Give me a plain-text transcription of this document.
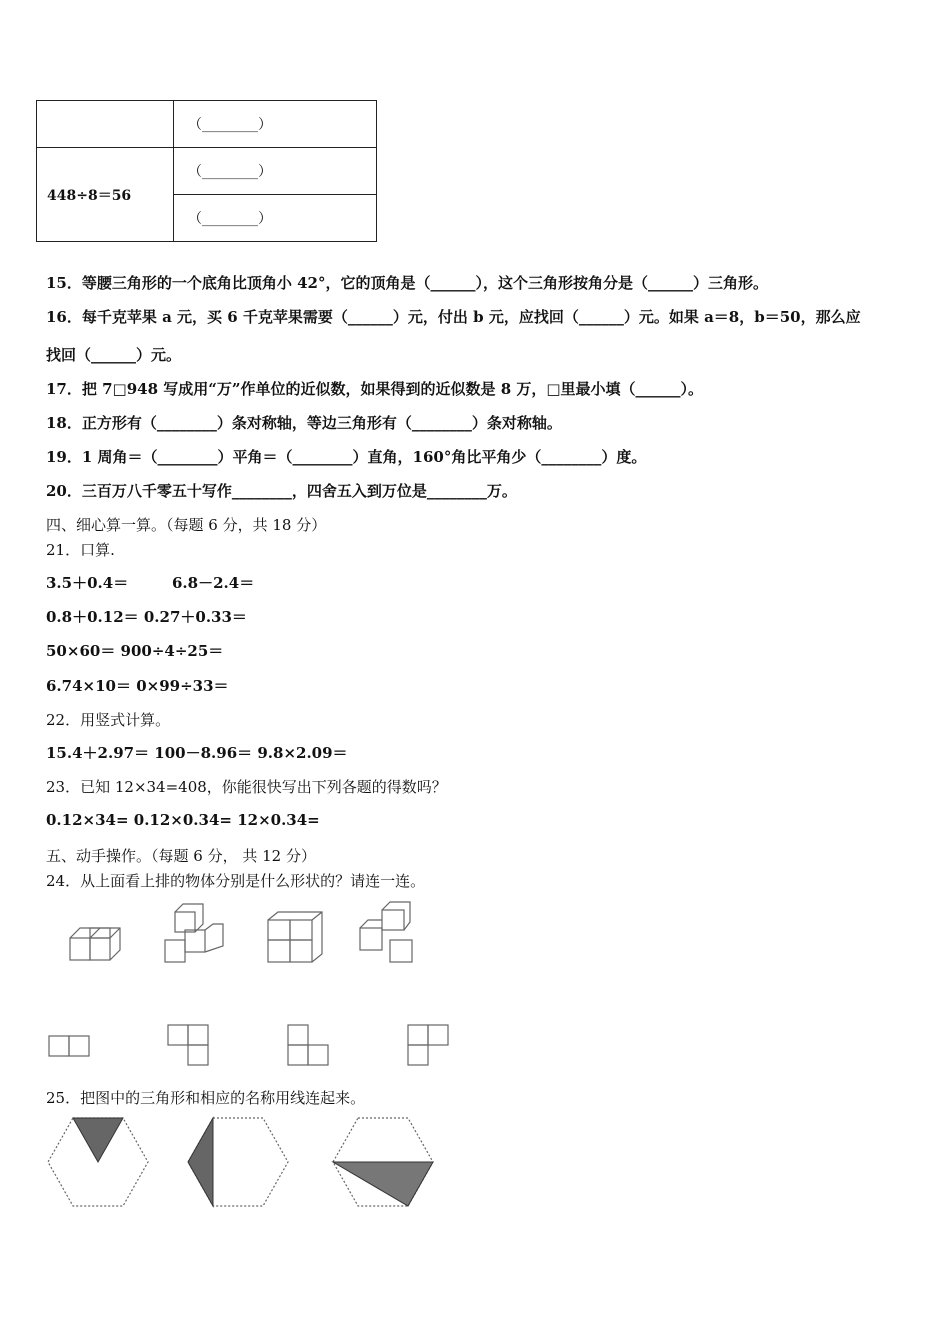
	（________）
448÷8＝56	（________）
	（________）
15．等腰三角形的一个底角比顶角小 42°，它的顶角是（______），这个三角形按角分是（______）三角形。
16．每千克苹果 a 元，买 6 千克苹果需要（______）元，付出 b 元，应找回（______）元。如果 a＝8，b＝50，那么应
找回（______）元。
17．把 7□948 写成用“万”作单位的近似数，如果得到的近似数是 8 万，□里最小填（______）。
18．正方形有（________）条对称轴，等边三角形有（________）条对称轴。
19．1 周角＝（________）平角＝（________）直角，160°角比平角少（________）度。
20．三百万八千零五十写作________，四舍五入到万位是________万。
四、细心算一算。（每题 6 分，共 18 分）
21．口算.
3.5＋0.4＝	6.8－2.4＝
0.8＋0.12＝ 0.27＋0.33＝
50×60＝ 900÷4÷25＝
6.74×10＝ 0×99÷33＝
22．用竖式计算。
15.4＋2.97＝ 100－8.96＝ 9.8×2.09＝
23．已知 12×34=408，你能很快写出下列各题的得数吗？
0.12×34= 0.12×0.34= 12×0.34=
五、动手操作。（每题 6 分， 共 12 分）
24．从上面看上排的物体分别是什么形状的？请连一连。
25．把图中的三角形和相应的名称用线连起来。
